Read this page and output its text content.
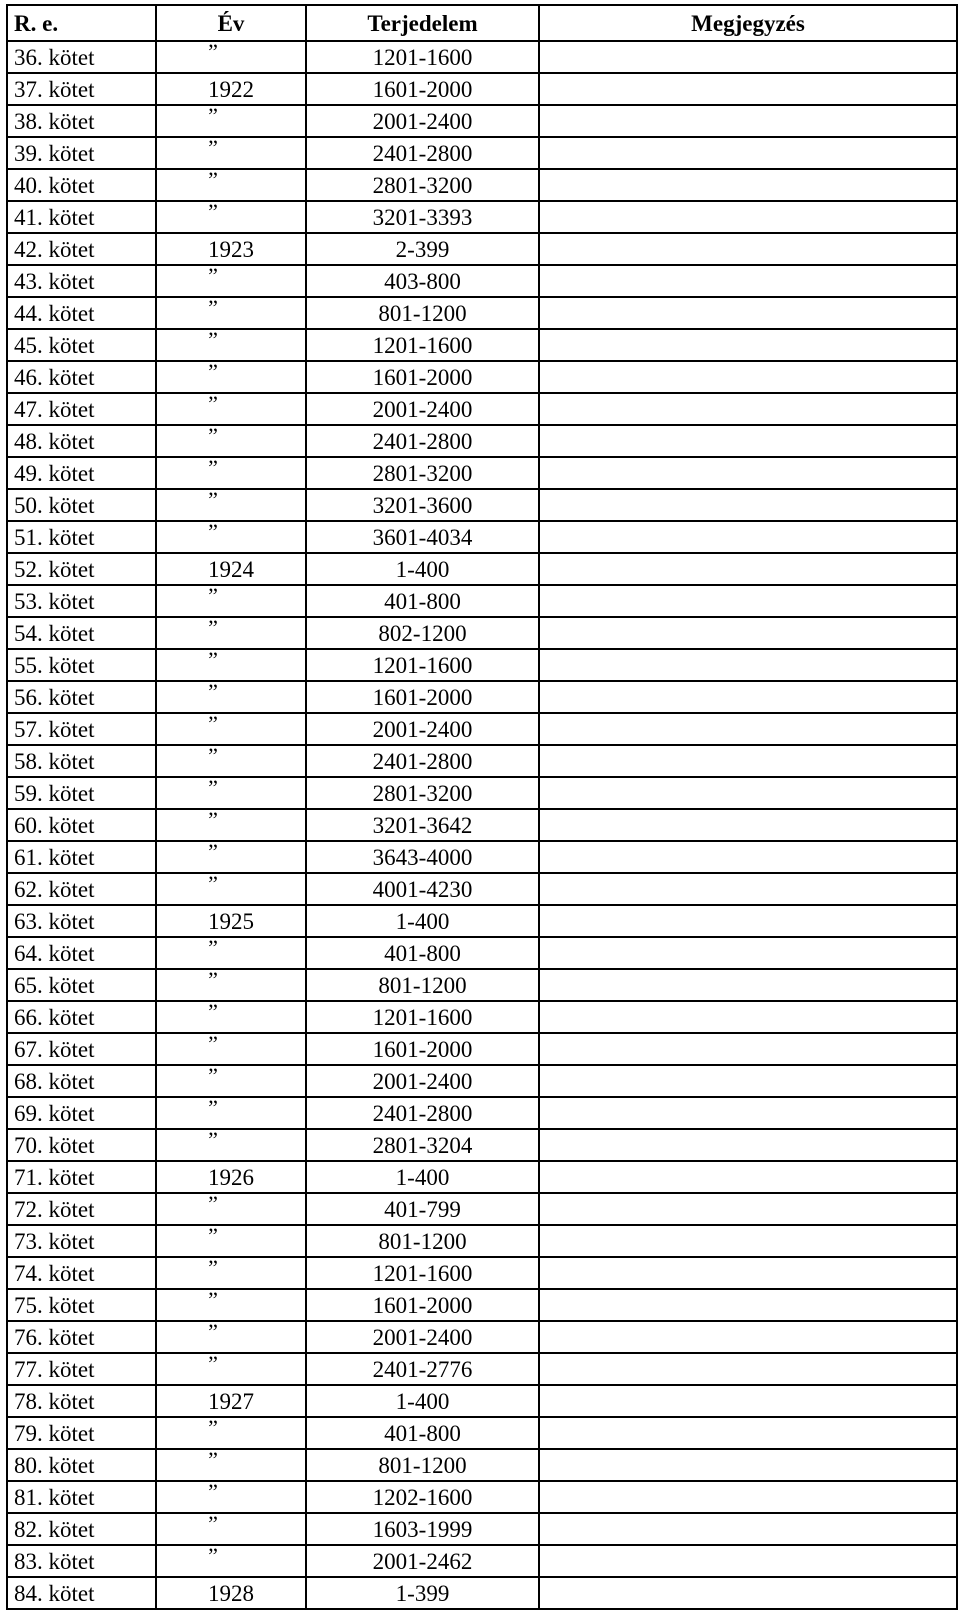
R. e.	Év	Terjedelem	Megjegyzés
36. kötet	”	1201-1600	
37. kötet	1922	1601-2000	
38. kötet	”	2001-2400	
39. kötet	”	2401-2800	
40. kötet	”	2801-3200	
41. kötet	”	3201-3393	
42. kötet	1923	2-399	
43. kötet	”	403-800	
44. kötet	”	801-1200	
45. kötet	”	1201-1600	
46. kötet	”	1601-2000	
47. kötet	”	2001-2400	
48. kötet	”	2401-2800	
49. kötet	”	2801-3200	
50. kötet	”	3201-3600	
51. kötet	”	3601-4034	
52. kötet	1924	1-400	
53. kötet	”	401-800	
54. kötet	”	802-1200	
55. kötet	”	1201-1600	
56. kötet	”	1601-2000	
57. kötet	”	2001-2400	
58. kötet	”	2401-2800	
59. kötet	”	2801-3200	
60. kötet	”	3201-3642	
61. kötet	”	3643-4000	
62. kötet	”	4001-4230	
63. kötet	1925	1-400	
64. kötet	”	401-800	
65. kötet	”	801-1200	
66. kötet	”	1201-1600	
67. kötet	”	1601-2000	
68. kötet	”	2001-2400	
69. kötet	”	2401-2800	
70. kötet	”	2801-3204	
71. kötet	1926	1-400	
72. kötet	”	401-799	
73. kötet	”	801-1200	
74. kötet	”	1201-1600	
75. kötet	”	1601-2000	
76. kötet	”	2001-2400	
77. kötet	”	2401-2776	
78. kötet	1927	1-400	
79. kötet	”	401-800	
80. kötet	”	801-1200	
81. kötet	”	1202-1600	
82. kötet	”	1603-1999	
83. kötet	”	2001-2462	
84. kötet	1928	1-399	
